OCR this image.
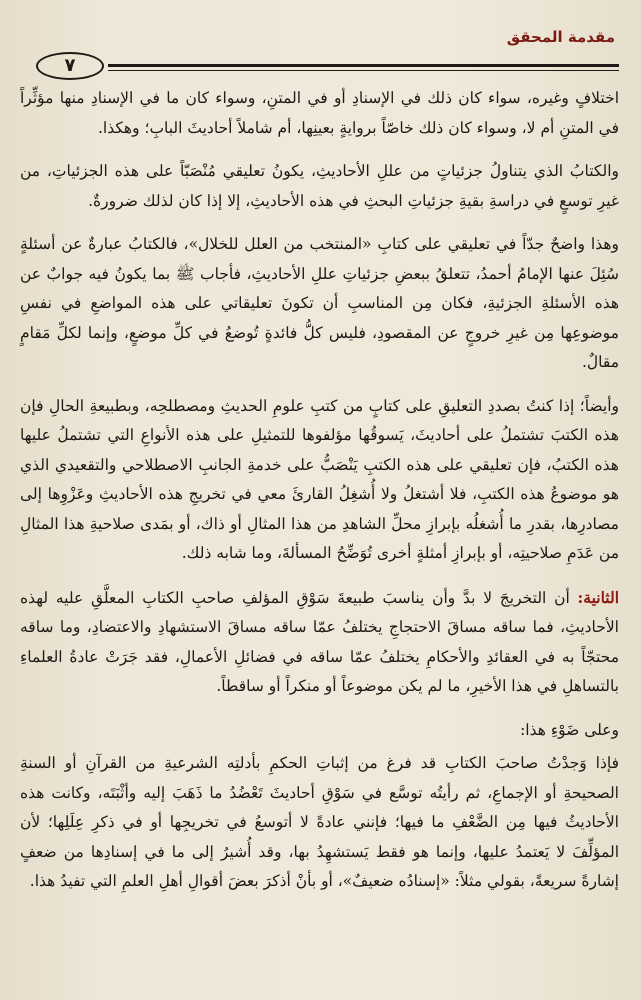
مقدمة المحقق
٧

اختلافٍ وغيره، سواء كان ذلك في الإسنادِ أو في المتنِ، وسواء كان ما في الإسنادِ منها مؤثِّراً في المتنِ أم لا، وسواء كان ذلك خاصّاً بروايةٍ بعينِها، أم شاملاً أحاديثَ البابِ؛ وهكذا.

والكتابُ الذي يتناولُ جزئياتٍ من عللِ الأحاديثِ، يكونُ تعليقي مُنْصَبّاً على هذه الجزئياتِ، من غيرِ توسعٍ في دراسةِ بقيةِ جزئياتِ البحثِ في هذه الأحاديثِ، إلا إذا كان لذلك ضرورةٌ.

وهذا واضحٌ جدّاً في تعليقي على كتابِ «المنتخب من العلل للخلال»، فالكتابُ عبارةٌ عن أسئلةٍ سُئِلَ عنها الإمامُ أحمدُ، تتعلقُ ببعضِ جزئياتِ عللِ الأحاديثِ، فأجاب ﷺ بما يكونُ فيه جوابٌ عن هذه الأسئلةِ الجزئيةِ، فكان مِن المناسبِ أن تكونَ تعليقاتي على هذه المواضعِ في نفسِ موضوعِها مِن غيرِ خروجٍ عن المقصودِ، فليس كلُّ فائدةٍ تُوضعُ في كلِّ موضعٍ، وإنما لكلِّ مَقامٍ مقالٌ.

وأيضاً؛ إذا كنتُ بصددِ التعليقِ على كتابٍ من كتبِ علومِ الحديثِ ومصطلحِه، وبطبيعةِ الحالِ فإن هذه الكتبَ تشتملُ على أحاديثَ، يَسوقُها مؤلفوها للتمثيلِ على هذه الأنواعِ التي تشتملُ عليها هذه الكتبُ، فإن تعليقي على هذه الكتبِ يَنْصَبُّ على خدمةِ الجانبِ الاصطلاحي والتقعيدي الذي هو موضوعُ هذه الكتبِ، فلا أشتغلُ ولا أُشغِلُ القارئَ معي في تخريجِ هذه الأحاديثِ وعَزْوِها إلى مصادرِها، بقدرِ ما أُشغلُه بإبرازِ محلِّ الشاهدِ من هذا المثالِ أو ذاك، أو بمَدى صلاحيةِ هذا المثالِ من عَدَمِ صلاحيتِه، أو بإبرازِ أمثلةٍ أخرى تُوَضِّحُ المسألةَ، وما شابه ذلك.

الثانية: أن التخريجَ لا بدَّ وأن يناسبَ طبيعةَ سَوْقِ المؤلفِ صاحبِ الكتابِ المعلَّقِ عليه لهذه الأحاديثِ، فما ساقه مساقَ الاحتجاجِ يختلفُ عمّا ساقه مساقَ الاستشهادِ والاعتضادِ، وما ساقه محتجّاً به في العقائدِ والأحكامِ يختلفُ عمّا ساقه في فضائلِ الأعمالِ، فقد جَرَتْ عادةُ العلماءِ بالتساهلِ في هذا الأخيرِ، ما لم يكن موضوعاً أو منكراً أو ساقطاً.

وعلى ضَوْءِ هذا:

فإذا وَجدْتُ صاحبَ الكتابِ قد فرغ من إثباتِ الحكمِ بأدلتِه الشرعيةِ من القرآنِ أو السنةِ الصحيحةِ أو الإجماعِ، ثم رأيتُه توسَّع في سَوْقِ أحاديثَ تَعْضُدُ ما ذَهَبَ إليه وأثْبَتَه، وكانت هذه الأحاديثُ فيها مِن الضَّعْفِ ما فيها؛ فإنني عادةً لا أتوسعُ في تخريجِها أو في ذكرِ عِلَلِها؛ لأن المؤلِّفَ لا يَعتمدُ عليها، وإنما هو فقط يَستشهِدُ بها، وقد أُشيرُ إلى ما في إسنادِها من ضعفٍ إشارةً سريعةً، بقولي مثلاً: «إسنادُه ضعيفٌ»، أو بأنْ أذكرَ بعضَ أقوالِ أهلِ العلمِ التي تفيدُ هذا.
